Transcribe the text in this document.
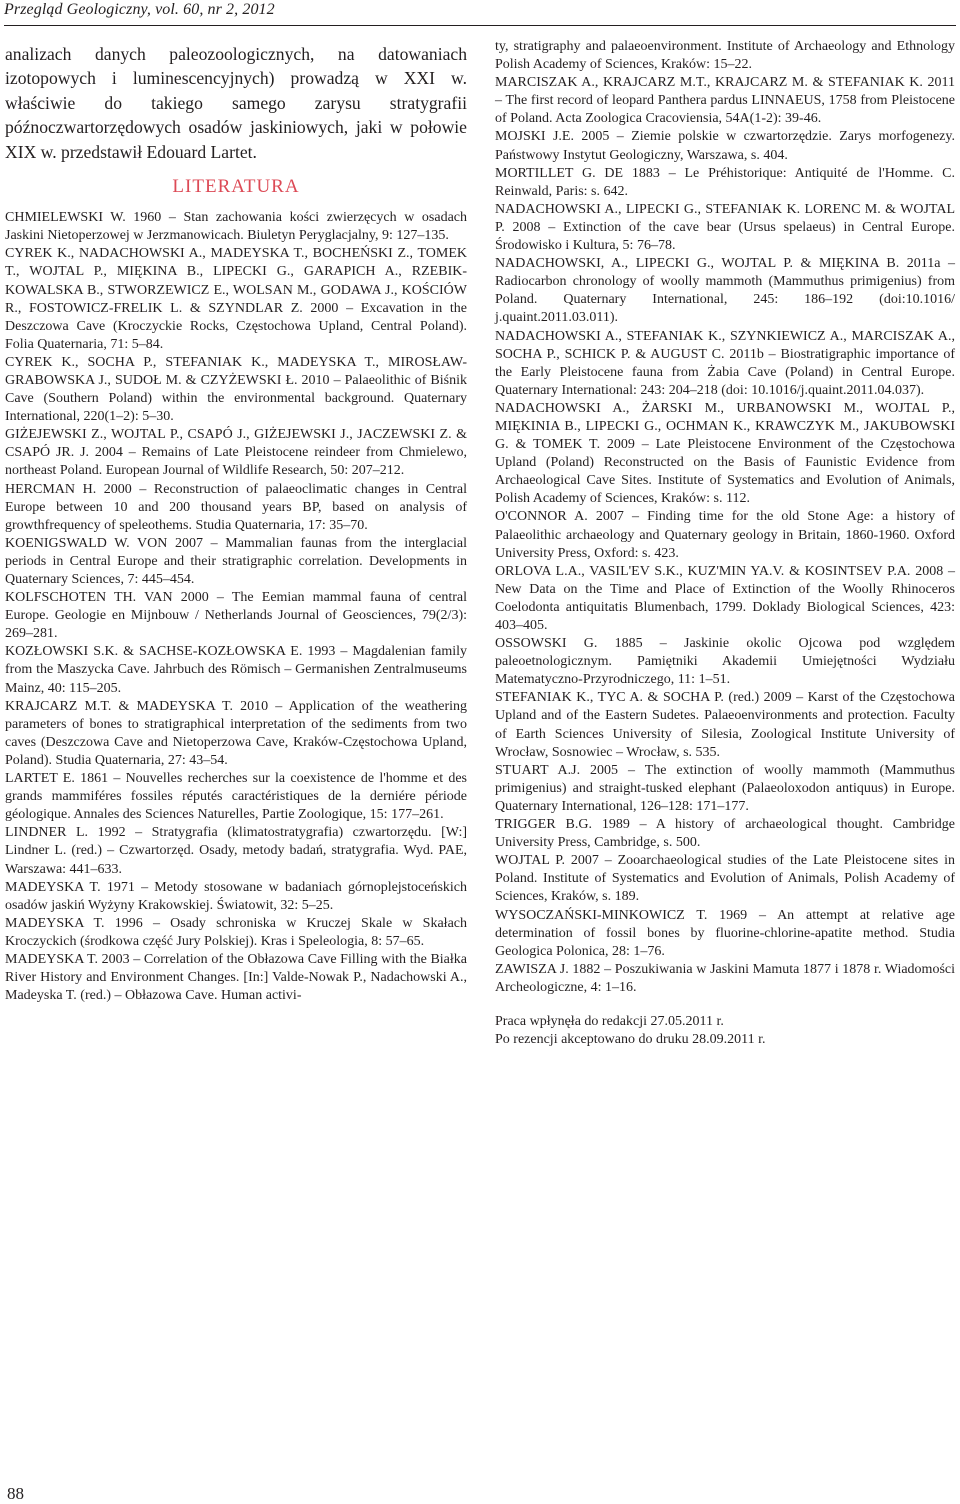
Przegląd Geologiczny, vol. 60, nr 2, 2012

analizach danych paleozoologicznych, na datowaniach izotopowych i luminescencyjnych) prowadzą w XXI w. właściwie do takiego samego zarysu stratygrafii późnoczwartorzędowych osadów jaskiniowych, jaki w połowie XIX w. przedstawił Edouard Lartet.

LITERATURA

CHMIELEWSKI W. 1960 – Stan zachowania kości zwierzęcych w osadach Jaskini Nietoperzowej w Jerzmanowicach. Biuletyn Peryglacjalny, 9: 127–135.

CYREK K., NADACHOWSKI A., MADEYSKA T., BOCHEŃSKI Z., TOMEK T., WOJTAL P., MIĘKINA B., LIPECKI G., GARAPICH A., RZEBIK-KOWALSKA B., STWORZEWICZ E., WOLSAN M., GODAWA J., KOŚCIÓW R., FOSTOWICZ-FRELIK L. & SZYNDLAR Z. 2000 – Excavation in the Deszczowa Cave (Kroczyckie Rocks, Częstochowa Upland, Central Poland). Folia Quaternaria, 71: 5–84.

CYREK K., SOCHA P., STEFANIAK K., MADEYSKA T., MIROSŁAW-GRABOWSKA J., SUDOŁ M. & CZYŻEWSKI Ł. 2010 – Palaeolithic of Biśnik Cave (Southern Poland) within the environmental background. Quaternary International, 220(1–2): 5–30.

GIŻEJEWSKI Z., WOJTAL P., CSAPÓ J., GIŻEJEWSKI J., JACZEWSKI Z. & CSAPÓ JR. J. 2004 – Remains of Late Pleistocene reindeer from Chmielewo, northeast Poland. European Journal of Wildlife Research, 50: 207–212.

HERCMAN H. 2000 – Reconstruction of palaeoclimatic changes in Central Europe between 10 and 200 thousand years BP, based on analysis of growthfrequency of speleothems. Studia Quaternaria, 17: 35–70.

KOENIGSWALD W. VON 2007 – Mammalian faunas from the interglacial periods in Central Europe and their stratigraphic correlation. Developments in Quaternary Sciences, 7: 445–454.

KOLFSCHOTEN TH. VAN 2000 – The Eemian mammal fauna of central Europe. Geologie en Mijnbouw / Netherlands Journal of Geosciences, 79(2/3): 269–281.

KOZŁOWSKI S.K. & SACHSE-KOZŁOWSKA E. 1993 – Magdalenian family from the Maszycka Cave. Jahrbuch des Römisch – Germanishen Zentralmuseums Mainz, 40: 115–205.

KRAJCARZ M.T. & MADEYSKA T. 2010 – Application of the weathering parameters of bones to stratigraphical interpretation of the sediments from two caves (Deszczowa Cave and Nietoperzowa Cave, Kraków-Częstochowa Upland, Poland). Studia Quaternaria, 27: 43–54.

LARTET E. 1861 – Nouvelles recherches sur la coexistence de l'homme et des grands mammiféres fossiles réputés caractéristiques de la derniére période géologique. Annales des Sciences Naturelles, Partie Zoologique, 15: 177–261.

LINDNER L. 1992 – Stratygrafia (klimatostratygrafia) czwartorzędu. [W:] Lindner L. (red.) – Czwartorzęd. Osady, metody badań, stratygrafia. Wyd. PAE, Warszawa: 441–633.

MADEYSKA T. 1971 – Metody stosowane w badaniach górnoplejstoceńskich osadów jaskiń Wyżyny Krakowskiej. Światowit, 32: 5–25.

MADEYSKA T. 1996 – Osady schroniska w Kruczej Skale w Skałach Kroczyckich (środkowa część Jury Polskiej). Kras i Speleologia, 8: 57–65.

MADEYSKA T. 2003 – Correlation of the Obłazowa Cave Filling with the Białka River History and Environment Changes. [In:] Valde-Nowak P., Nadachowski A., Madeyska T. (red.) – Obłazowa Cave. Human activi-

ty, stratigraphy and palaeoenvironment. Institute of Archaeology and Ethnology Polish Academy of Sciences, Kraków: 15–22.

MARCISZAK A., KRAJCARZ M.T., KRAJCARZ M. & STEFANIAK K. 2011 – The first record of leopard Panthera pardus LINNAEUS, 1758 from Pleistocene of Poland. Acta Zoologica Cracoviensia, 54A(1-2): 39-46.

MOJSKI J.E. 2005 – Ziemie polskie w czwartorzędzie. Zarys morfogenezy. Państwowy Instytut Geologiczny, Warszawa, s. 404.

MORTILLET G. DE 1883 – Le Préhistorique: Antiquité de l'Homme. C. Reinwald, Paris: s. 642.

NADACHOWSKI A., LIPECKI G., STEFANIAK K. LORENC M. & WOJTAL P. 2008 – Extinction of the cave bear (Ursus spelaeus) in Central Europe. Środowisko i Kultura, 5: 76–78.

NADACHOWSKI, A., LIPECKI G., WOJTAL P. & MIĘKINA B. 2011a – Radiocarbon chronology of woolly mammoth (Mammuthus primigenius) from Poland. Quaternary International, 245: 186–192 (doi:10.1016/ j.quaint.2011.03.011).

NADACHOWSKI A., STEFANIAK K., SZYNKIEWICZ A., MARCISZAK A., SOCHA P., SCHICK P. & AUGUST C. 2011b – Biostratigraphic importance of the Early Pleistocene fauna from Żabia Cave (Poland) in Central Europe. Quaternary International: 243: 204–218 (doi: 10.1016/j.quaint.2011.04.037).

NADACHOWSKI A., ŻARSKI M., URBANOWSKI M., WOJTAL P., MIĘKINIA B., LIPECKI G., OCHMAN K., KRAWCZYK M., JAKUBOWSKI G. & TOMEK T. 2009 – Late Pleistocene Environment of the Częstochowa Upland (Poland) Reconstructed on the Basis of Faunistic Evidence from Archaeological Cave Sites. Institute of Systematics and Evolution of Animals, Polish Academy of Sciences, Kraków: s. 112.

O'CONNOR A. 2007 – Finding time for the old Stone Age: a history of Palaeolithic archaeology and Quaternary geology in Britain, 1860-1960. Oxford University Press, Oxford: s. 423.

ORLOVA L.A., VASIL'EV S.K., KUZ'MIN YA.V. & KOSINTSEV P.A. 2008 – New Data on the Time and Place of Extinction of the Woolly Rhinoceros Coelodonta antiquitatis Blumenbach, 1799. Doklady Biological Sciences, 423: 403–405.

OSSOWSKI G. 1885 – Jaskinie okolic Ojcowa pod względem paleoetnologicznym. Pamiętniki Akademii Umiejętności Wydziału Matematyczno-Przyrodniczego, 11: 1–51.

STEFANIAK K., TYC A. & SOCHA P. (red.) 2009 – Karst of the Częstochowa Upland and of the Eastern Sudetes. Palaeoenvironments and protection. Faculty of Earth Sciences University of Silesia, Zoological Institute University of Wrocław, Sosnowiec – Wrocław, s. 535.

STUART A.J. 2005 – The extinction of woolly mammoth (Mammuthus primigenius) and straight-tusked elephant (Palaeoloxodon antiquus) in Europe. Quaternary International, 126–128: 171–177.

TRIGGER B.G. 1989 – A history of archaeological thought. Cambridge University Press, Cambridge, s. 500.

WOJTAL P. 2007 – Zooarchaeological studies of the Late Pleistocene sites in Poland. Institute of Systematics and Evolution of Animals, Polish Academy of Sciences, Kraków, s. 189.

WYSOCZAŃSKI-MINKOWICZ T. 1969 – An attempt at relative age determination of fossil bones by fluorine-chlorine-apatite method. Studia Geologica Polonica, 28: 1–76.

ZAWISZA J. 1882 – Poszukiwania w Jaskini Mamuta 1877 i 1878 r. Wiadomości Archeologiczne, 4: 1–16.

Praca wpłynęła do redakcji 27.05.2011 r.

Po rezencji akceptowano do druku 28.09.2011 r.

88
